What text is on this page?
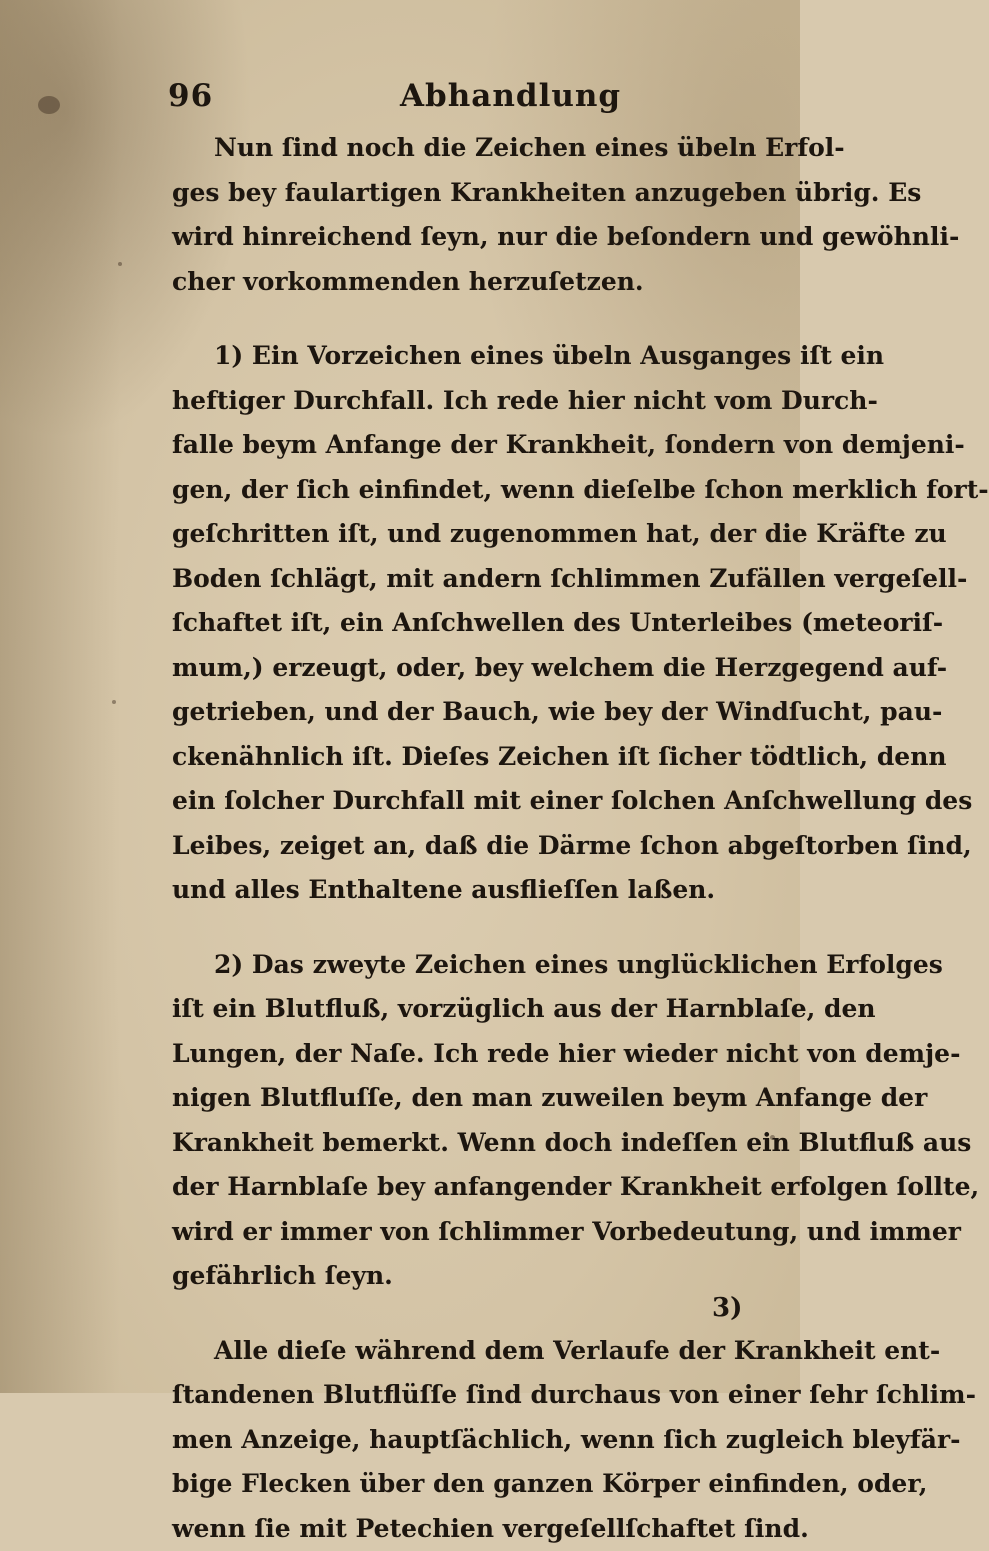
96	Abhandlung

Nun ſind noch die Zeichen eines übeln Erfol-
ges bey faulartigen Krankheiten anzugeben übrig. Es
wird hinreichend ſeyn, nur die beſondern und gewöhnli-
cher vorkommenden herzuſetzen.

1) Ein Vorzeichen eines übeln Ausganges iſt ein
heftiger Durchfall. Ich rede hier nicht vom Durch-
falle beym Anfange der Krankheit, ſondern von demjeni-
gen, der ſich einfindet, wenn dieſelbe ſchon merklich fort-
geſchritten iſt, und zugenommen hat, der die Kräfte zu
Boden ſchlägt, mit andern ſchlimmen Zufällen vergeſell-
ſchaftet iſt, ein Anſchwellen des Unterleibes (meteoriſ-
mum,) erzeugt, oder, bey welchem die Herzgegend auf-
getrieben, und der Bauch, wie bey der Windſucht, pau-
ckenähnlich iſt. Dieſes Zeichen iſt ſicher tödtlich, denn
ein ſolcher Durchfall mit einer ſolchen Anſchwellung des
Leibes, zeiget an, daß die Därme ſchon abgeſtorben ſind,
und alles Enthaltene ausflieſſen laßen.

2) Das zweyte Zeichen eines unglücklichen Erfolges
iſt ein Blutfluß, vorzüglich aus der Harnblaſe, den
Lungen, der Naſe. Ich rede hier wieder nicht von demje-
nigen Blutfluſſe, den man zuweilen beym Anfange der
Krankheit bemerkt. Wenn doch indeſſen ein Blutfluß aus
der Harnblaſe bey anfangender Krankheit erfolgen ſollte,
wird er immer von ſchlimmer Vorbedeutung, und immer
gefährlich ſeyn.

Alle dieſe während dem Verlaufe der Krankheit ent-
ſtandenen Blutflüſſe ſind durchaus von einer ſehr ſchlim-
men Anzeige, hauptſächlich, wenn ſich zugleich bleyfär-
bige Flecken über den ganzen Körper einfinden, oder,
wenn ſie mit Petechien vergeſellſchaftet ſind.

3)
